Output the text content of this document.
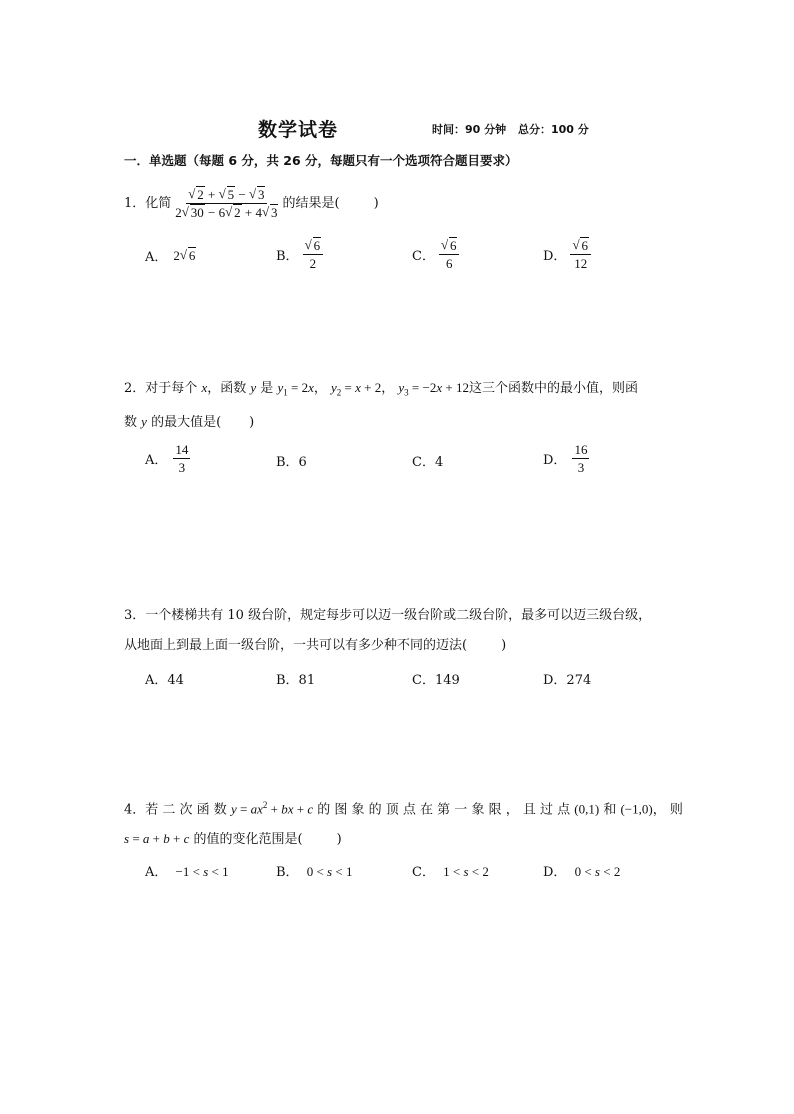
数学试卷	时间：90 分钟 总分：100 分
一．单选题（每题 6 分，共 26 分，每题只有一个选项符合题目要求）
1． 化简 √ $\frac{2 + √ 5 - √ 3}{2 √ 30 - 6 √ 2 + 4 √ 3}$ 的结果是(	)
A． 2 √ 6	B． √ $\frac{6}{2}$	C． √ $\frac{6}{6}$	D． √ $\frac{6}{12}$
2．对于每个 x，函数 y 是 $y_1 = 2x$， $y_2 = x + 2$， $y_3 = -2x + 12$这三个函数中的最小值，则函
数 y 的最大值是( )
A． $\frac{14}{3}$	B．6	C．4	D． $\frac{16}{3}$
3．一个楼梯共有 10 级台阶，规定每步可以迈一级台阶或二级台阶，最多可以迈三级台级，
从地面上到最上面一级台阶，一共可以有多少种不同的迈法(	)
A．44	B．81	C．149	D．274
4．若 二 次 函 数 $y = ax^2$ + bx + c 的 图 象 的 顶 点 在 第 一 象 限 ， 且 过 点 (0,1) 和 (−1,0)， 则
s = a + b + c 的值的变化范围是(	)
A． −1 < s < 1	B． 0 < s < 1	C． 1 < s < 2	D． 0 < s < 2
